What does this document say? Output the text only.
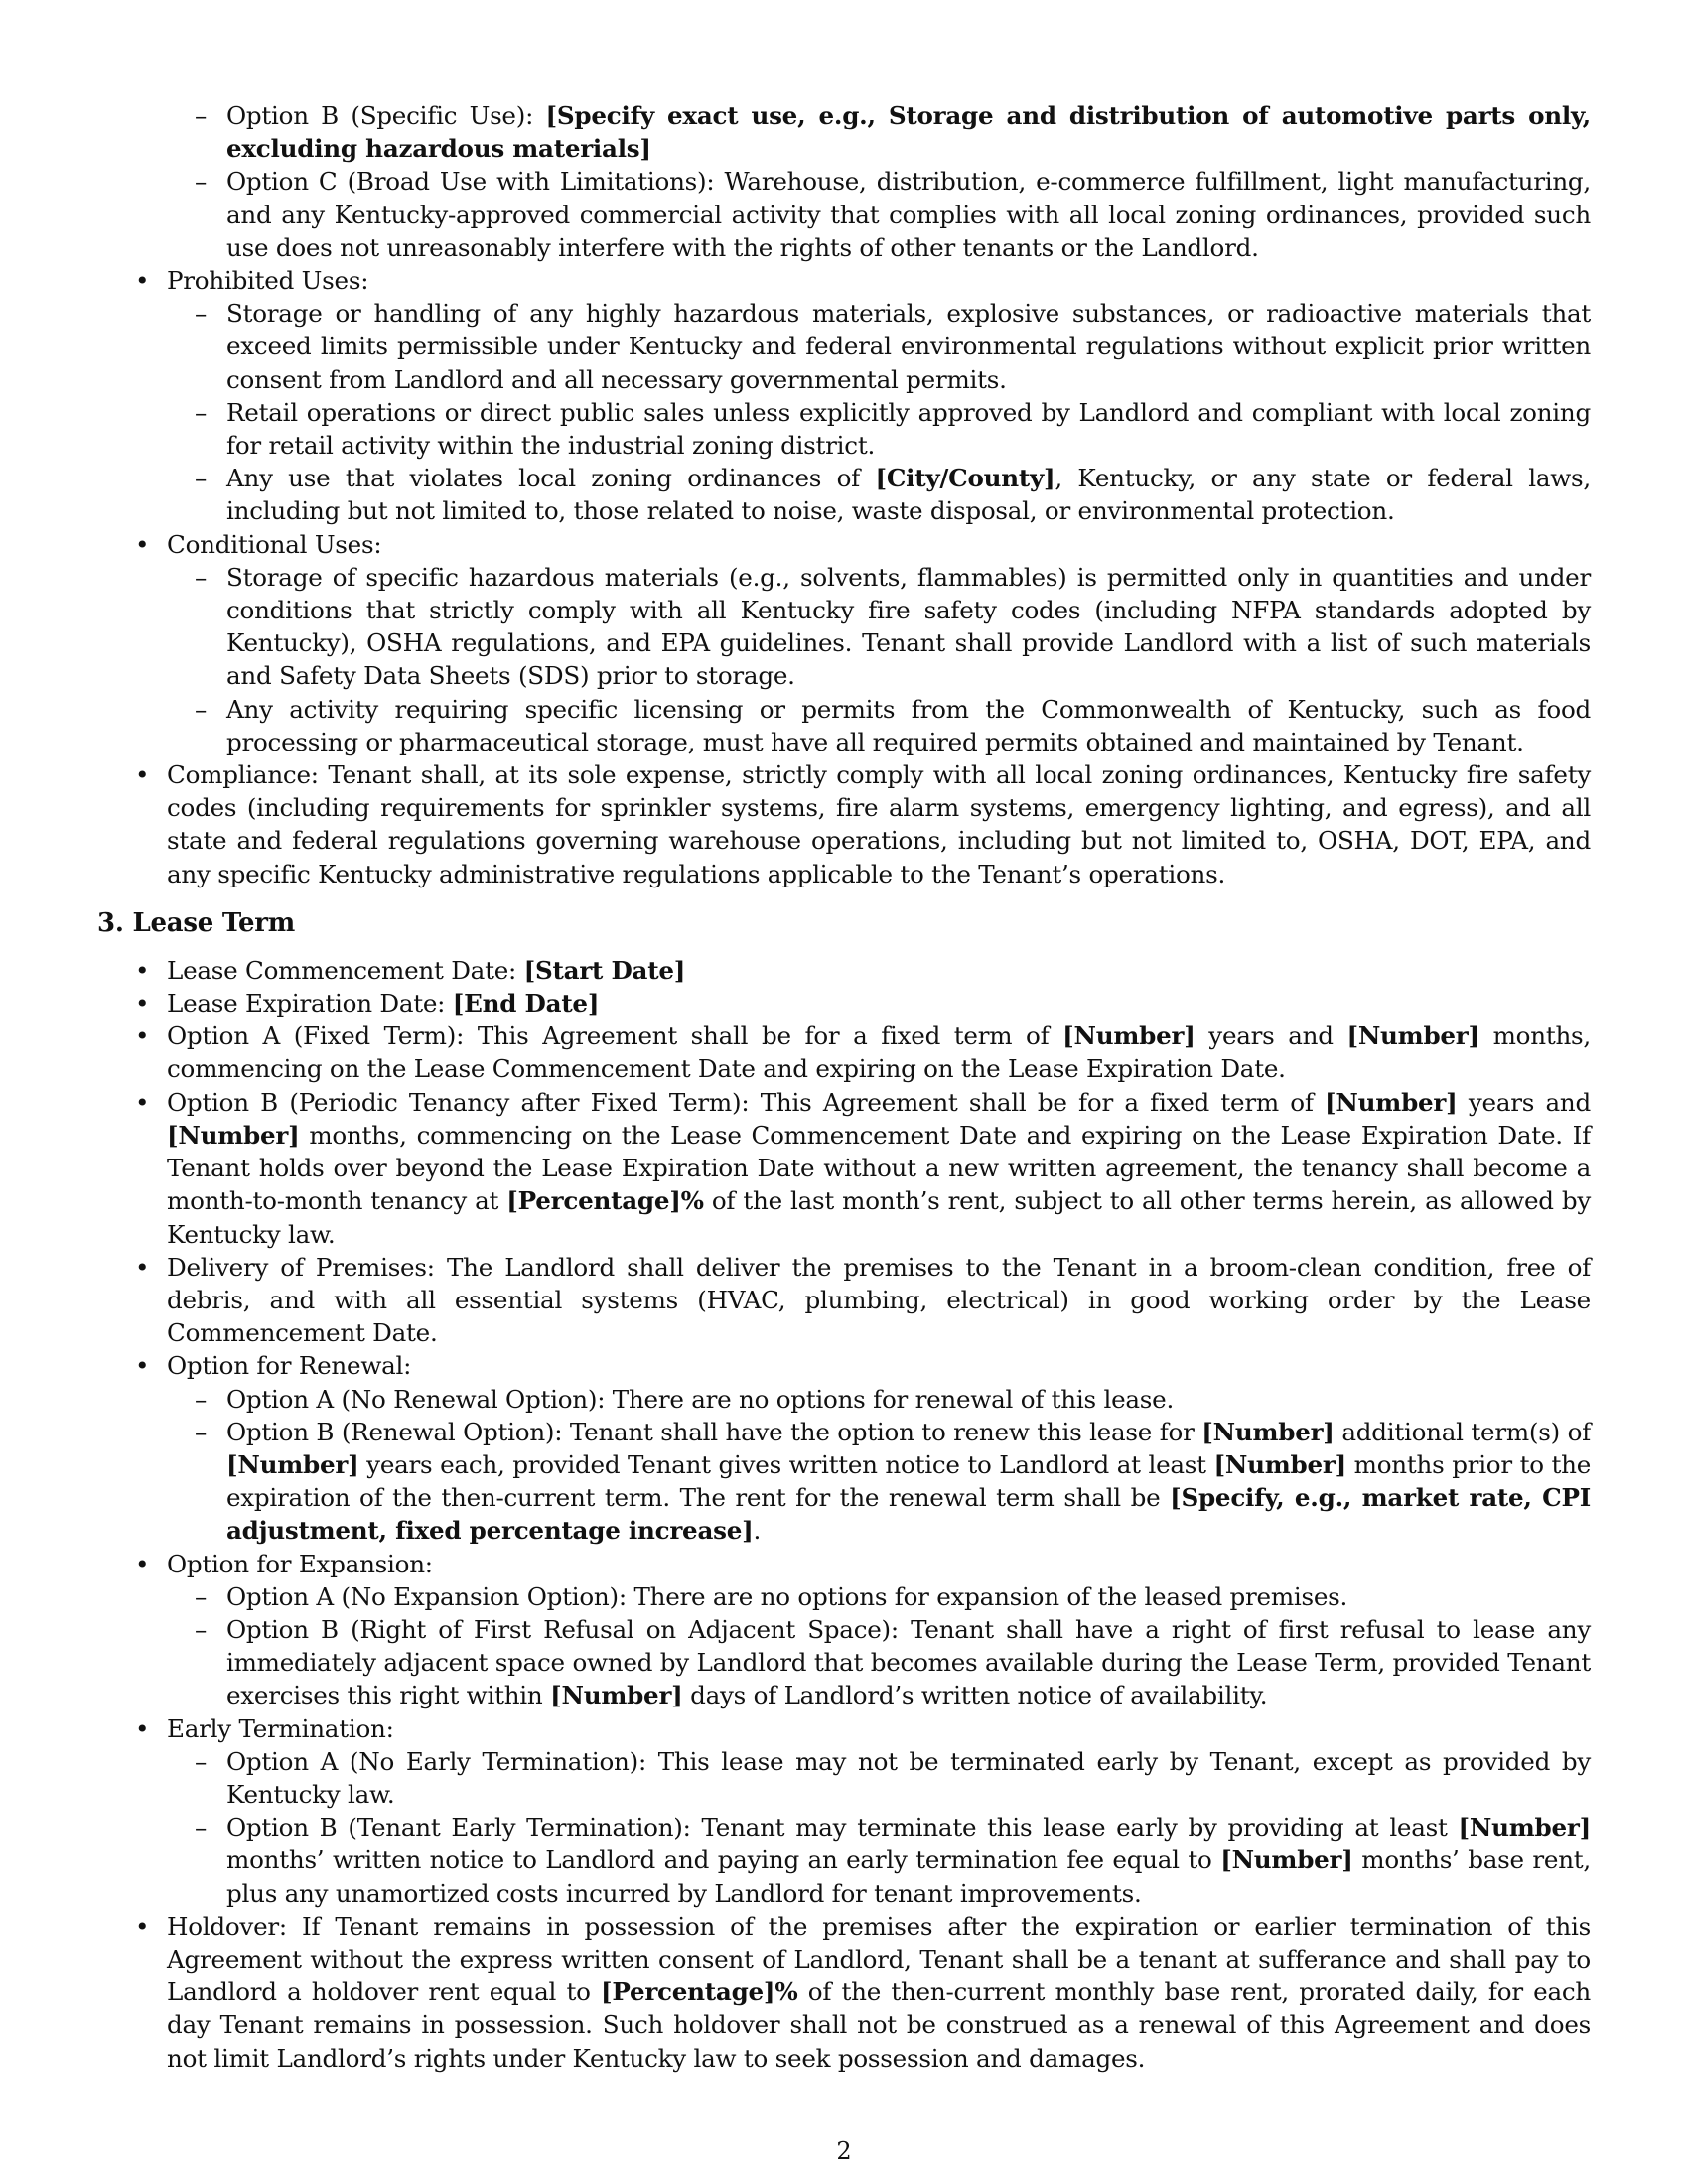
– Option B (Specific Use): [Specify exact use, e.g., Storage and distribution of automotive parts only, excluding hazardous materials]
– Option C (Broad Use with Limitations): Warehouse, distribution, e-commerce fulfillment, light manufacturing, and any Kentucky-approved commercial activity that complies with all local zoning ordinances, provided such use does not unreasonably interfere with the rights of other tenants or the Landlord.
• Prohibited Uses:
– Storage or handling of any highly hazardous materials, explosive substances, or radioactive materials that exceed limits permissible under Kentucky and federal environmental regulations without explicit prior written consent from Landlord and all necessary governmental permits.
– Retail operations or direct public sales unless explicitly approved by Landlord and compliant with local zoning for retail activity within the industrial zoning district.
– Any use that violates local zoning ordinances of [City/County], Kentucky, or any state or federal laws, including but not limited to, those related to noise, waste disposal, or environmental protection.
• Conditional Uses:
– Storage of specific hazardous materials (e.g., solvents, flammables) is permitted only in quantities and under conditions that strictly comply with all Kentucky fire safety codes (including NFPA standards adopted by Kentucky), OSHA regulations, and EPA guidelines. Tenant shall provide Landlord with a list of such materials and Safety Data Sheets (SDS) prior to storage.
– Any activity requiring specific licensing or permits from the Commonwealth of Kentucky, such as food processing or pharmaceutical storage, must have all required permits obtained and maintained by Tenant.
• Compliance: Tenant shall, at its sole expense, strictly comply with all local zoning ordinances, Kentucky fire safety codes (including requirements for sprinkler systems, fire alarm systems, emergency lighting, and egress), and all state and federal regulations governing warehouse operations, including but not limited to, OSHA, DOT, EPA, and any specific Kentucky administrative regulations applicable to the Tenant’s operations.
3. Lease Term
• Lease Commencement Date: [Start Date]
• Lease Expiration Date: [End Date]
• Option A (Fixed Term): This Agreement shall be for a fixed term of [Number] years and [Number] months, commencing on the Lease Commencement Date and expiring on the Lease Expiration Date.
• Option B (Periodic Tenancy after Fixed Term): This Agreement shall be for a fixed term of [Number] years and [Number] months, commencing on the Lease Commencement Date and expiring on the Lease Expiration Date. If Tenant holds over beyond the Lease Expiration Date without a new written agreement, the tenancy shall become a month-to-month tenancy at [Percentage]% of the last month’s rent, subject to all other terms herein, as allowed by Kentucky law.
• Delivery of Premises: The Landlord shall deliver the premises to the Tenant in a broom-clean condition, free of debris, and with all essential systems (HVAC, plumbing, electrical) in good working order by the Lease Commencement Date.
• Option for Renewal:
– Option A (No Renewal Option): There are no options for renewal of this lease.
– Option B (Renewal Option): Tenant shall have the option to renew this lease for [Number] additional term(s) of [Number] years each, provided Tenant gives written notice to Landlord at least [Number] months prior to the expiration of the then-current term. The rent for the renewal term shall be [Specify, e.g., market rate, CPI adjustment, fixed percentage increase].
• Option for Expansion:
– Option A (No Expansion Option): There are no options for expansion of the leased premises.
– Option B (Right of First Refusal on Adjacent Space): Tenant shall have a right of first refusal to lease any immediately adjacent space owned by Landlord that becomes available during the Lease Term, provided Tenant exercises this right within [Number] days of Landlord’s written notice of availability.
• Early Termination:
– Option A (No Early Termination): This lease may not be terminated early by Tenant, except as provided by Kentucky law.
– Option B (Tenant Early Termination): Tenant may terminate this lease early by providing at least [Number] months’ written notice to Landlord and paying an early termination fee equal to [Number] months’ base rent, plus any unamortized costs incurred by Landlord for tenant improvements.
• Holdover: If Tenant remains in possession of the premises after the expiration or earlier termination of this Agreement without the express written consent of Landlord, Tenant shall be a tenant at sufferance and shall pay to Landlord a holdover rent equal to [Percentage]% of the then-current monthly base rent, prorated daily, for each day Tenant remains in possession. Such holdover shall not be construed as a renewal of this Agreement and does not limit Landlord’s rights under Kentucky law to seek possession and damages.
2
